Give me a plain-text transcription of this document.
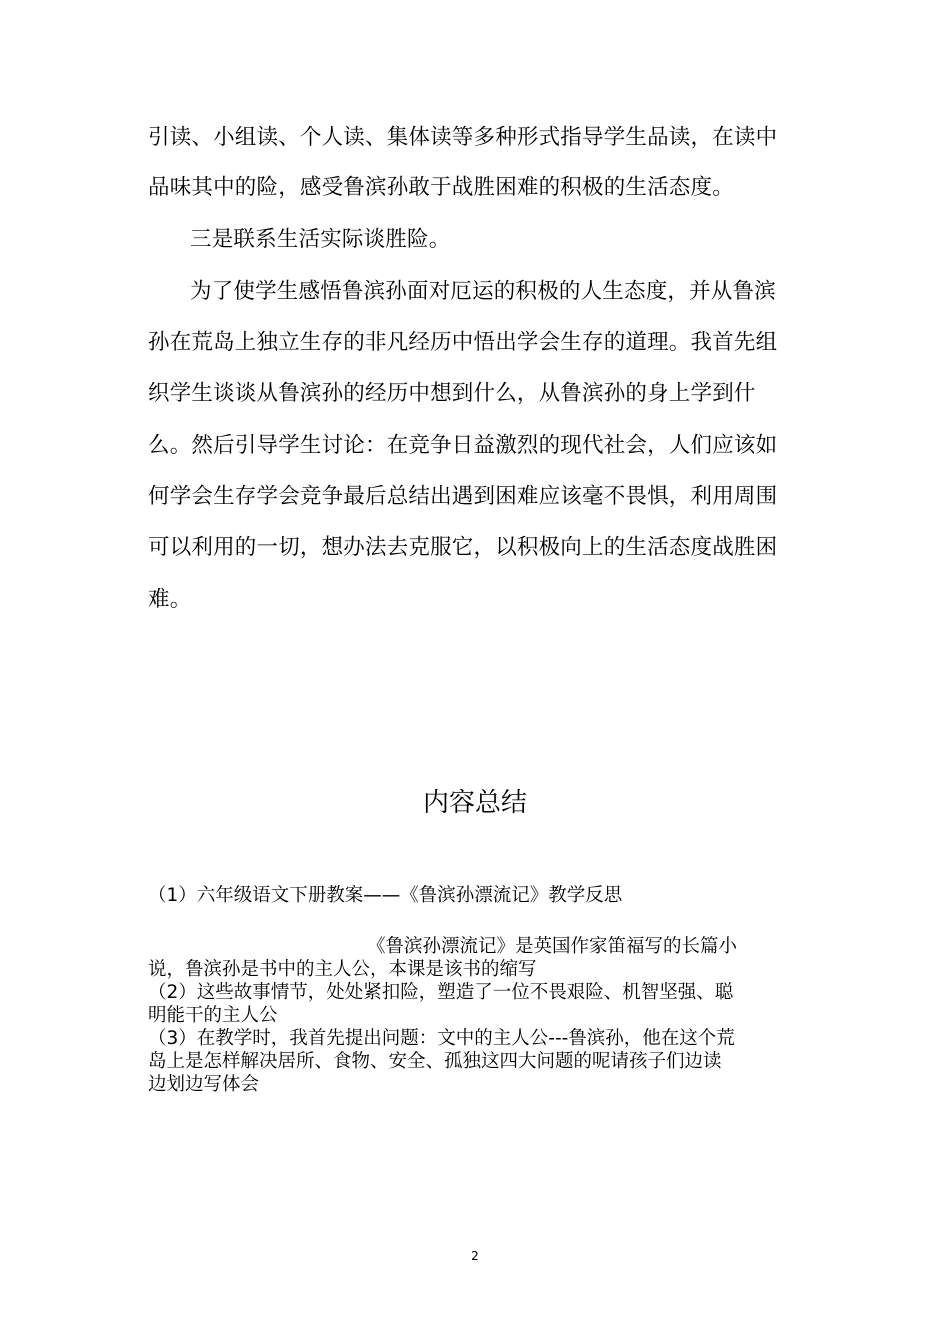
引读、小组读、个人读、集体读等多种形式指导学生品读，在读中
品味其中的险，感受鲁滨孙敢于战胜困难的积极的生活态度。
三是联系生活实际谈胜险。
为了使学生感悟鲁滨孙面对厄运的积极的人生态度，并从鲁滨
孙在荒岛上独立生存的非凡经历中悟出学会生存的道理。我首先组
织学生谈谈从鲁滨孙的经历中想到什么，从鲁滨孙的身上学到什
么。然后引导学生讨论：在竞争日益激烈的现代社会，人们应该如
何学会生存学会竞争最后总结出遇到困难应该毫不畏惧，利用周围
可以利用的一切，想办法去克服它，以积极向上的生活态度战胜困
难。
内容总结
（1）六年级语文下册教案——《鲁滨孙漂流记》教学反思
《鲁滨孙漂流记》是英国作家笛福写的长篇小
说，鲁滨孙是书中的主人公，本课是该书的缩写
（2）这些故事情节，处处紧扣险，塑造了一位不畏艰险、机智坚强、聪
明能干的主人公
（3）在教学时，我首先提出问题：文中的主人公---鲁滨孙，他在这个荒
岛上是怎样解决居所、食物、安全、孤独这四大问题的呢请孩子们边读
边划边写体会
2
